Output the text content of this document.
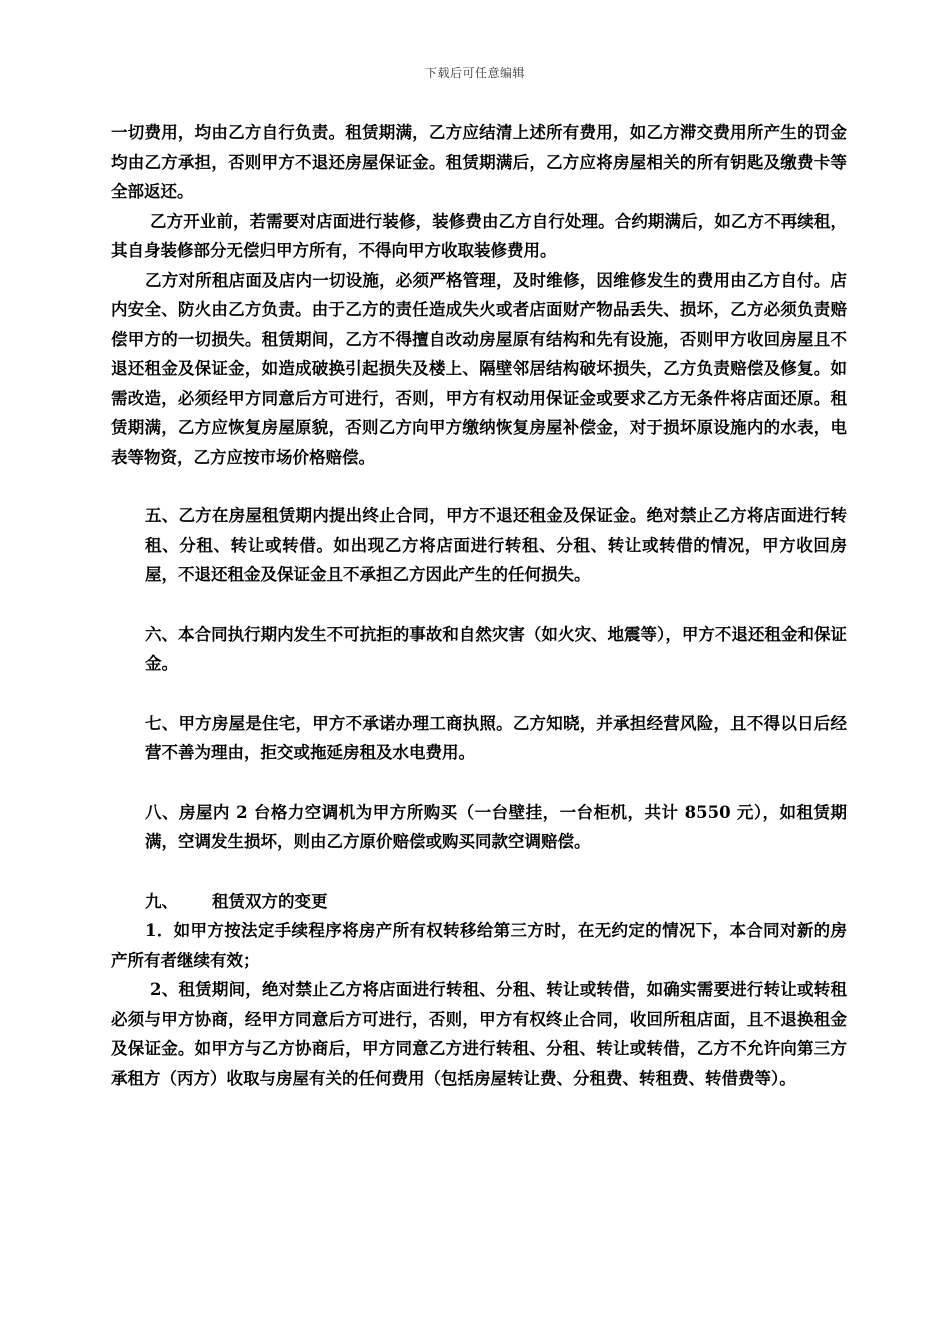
下载后可任意编辑

一切费用，均由乙方自行负责。租赁期满，乙方应结清上述所有费用，如乙方滞交费用所产生的罚金均由乙方承担，否则甲方不退还房屋保证金。租赁期满后，乙方应将房屋相关的所有钥匙及缴费卡等全部返还。

乙方开业前，若需要对店面进行装修，装修费由乙方自行处理。合约期满后，如乙方不再续租，其自身装修部分无偿归甲方所有，不得向甲方收取装修费用。

乙方对所租店面及店内一切设施，必须严格管理，及时维修，因维修发生的费用由乙方自付。店内安全、防火由乙方负责。由于乙方的责任造成失火或者店面财产物品丢失、损坏，乙方必须负责赔偿甲方的一切损失。租赁期间，乙方不得擅自改动房屋原有结构和先有设施，否则甲方收回房屋且不退还租金及保证金，如造成破换引起损失及楼上、隔壁邻居结构破坏损失，乙方负责赔偿及修复。如需改造，必须经甲方同意后方可进行，否则，甲方有权动用保证金或要求乙方无条件将店面还原。租赁期满，乙方应恢复房屋原貌，否则乙方向甲方缴纳恢复房屋补偿金，对于损坏原设施内的水表，电表等物资，乙方应按市场价格赔偿。

五、乙方在房屋租赁期内提出终止合同，甲方不退还租金及保证金。绝对禁止乙方将店面进行转租、分租、转让或转借。如出现乙方将店面进行转租、分租、转让或转借的情况，甲方收回房屋，不退还租金及保证金且不承担乙方因此产生的任何损失。

六、本合同执行期内发生不可抗拒的事故和自然灾害（如火灾、地震等），甲方不退还租金和保证金。

七、甲方房屋是住宅，甲方不承诺办理工商执照。乙方知晓，并承担经营风险，且不得以日后经营不善为理由，拒交或拖延房租及水电费用。

八、房屋内 2 台格力空调机为甲方所购买（一台壁挂，一台柜机，共计 8550 元），如租赁期满，空调发生损坏，则由乙方原价赔偿或购买同款空调赔偿。

九、 租赁双方的变更

1．如甲方按法定手续程序将房产所有权转移给第三方时，在无约定的情况下，本合同对新的房产所有者继续有效；

2、租赁期间，绝对禁止乙方将店面进行转租、分租、转让或转借，如确实需要进行转让或转租必须与甲方协商，经甲方同意后方可进行，否则，甲方有权终止合同，收回所租店面，且不退换租金及保证金。如甲方与乙方协商后，甲方同意乙方进行转租、分租、转让或转借，乙方不允许向第三方承租方（丙方）收取与房屋有关的任何费用（包括房屋转让费、分租费、转租费、转借费等）。
